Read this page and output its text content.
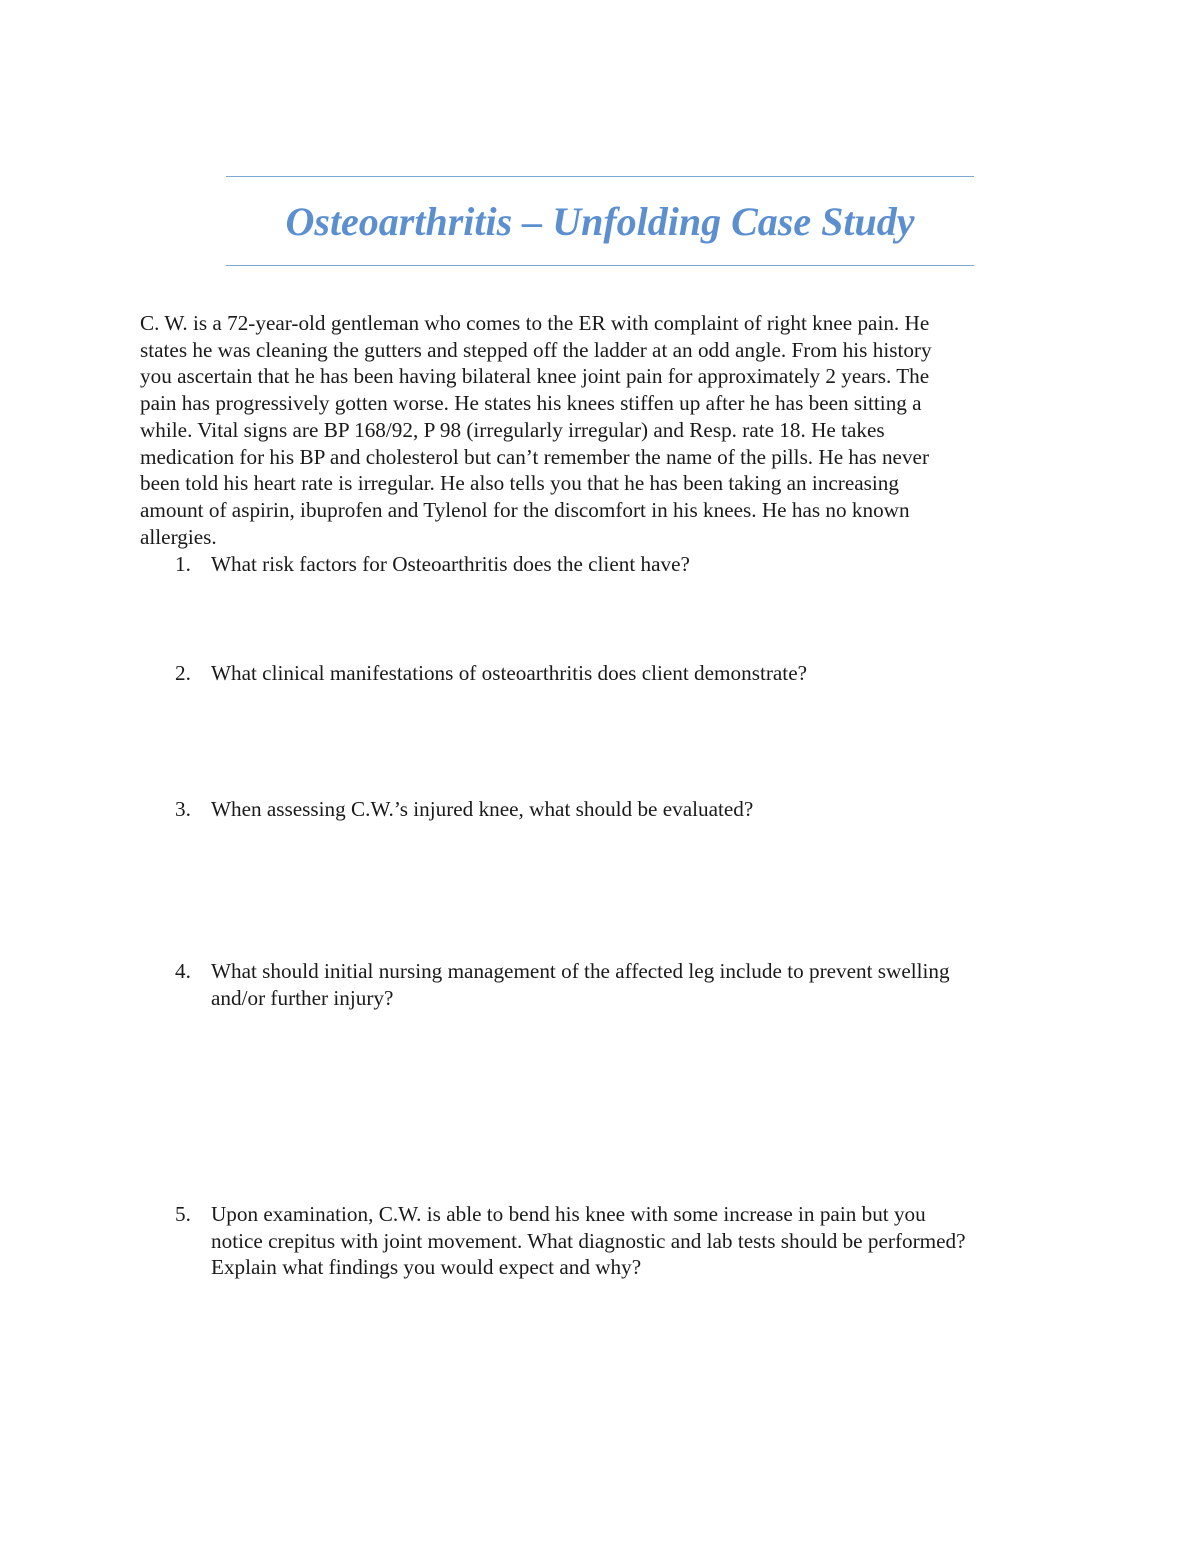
Osteoarthritis – Unfolding Case Study
C. W. is a 72-year-old gentleman who comes to the ER with complaint of right knee pain. He
states he was cleaning the gutters and stepped off the ladder at an odd angle. From his history
you ascertain that he has been having bilateral knee joint pain for approximately 2 years. The
pain has progressively gotten worse. He states his knees stiffen up after he has been sitting a
while. Vital signs are BP 168/92, P 98 (irregularly irregular) and Resp. rate 18. He takes
medication for his BP and cholesterol but can’t remember the name of the pills. He has never
been told his heart rate is irregular. He also tells you that he has been taking an increasing
amount of aspirin, ibuprofen and Tylenol for the discomfort in his knees. He has no known
allergies.
1. What risk factors for Osteoarthritis does the client have?
2. What clinical manifestations of osteoarthritis does client demonstrate?
3. When assessing C.W.’s injured knee, what should be evaluated?
4. What should initial nursing management of the affected leg include to prevent swelling
and/or further injury?
5. Upon examination, C.W. is able to bend his knee with some increase in pain but you
notice crepitus with joint movement. What diagnostic and lab tests should be performed?
Explain what findings you would expect and why?
